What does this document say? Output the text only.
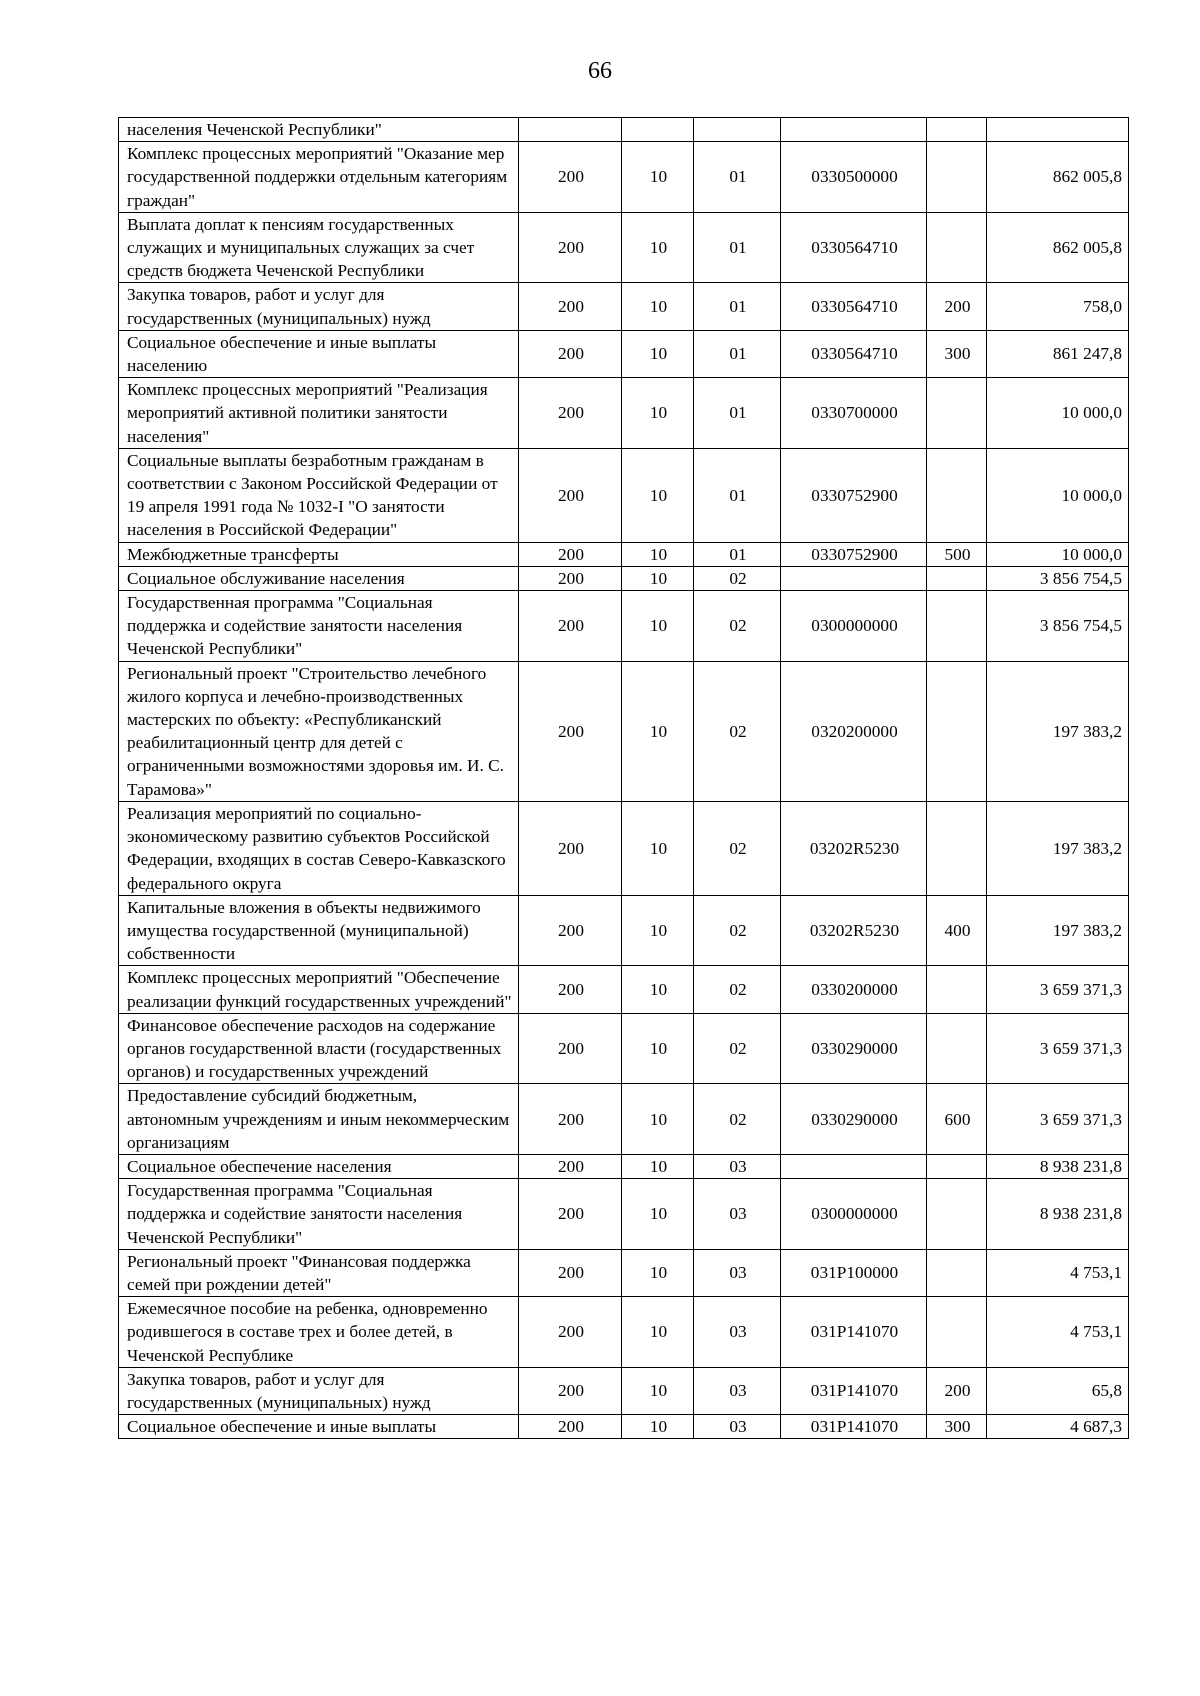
66
населения Чеченской Республики"						
Комплекс процессных мероприятий "Оказание мер государственной поддержки отдельным категориям граждан"	200	10	01	0330500000		862 005,8
Выплата доплат к пенсиям государственных служащих и муниципальных служащих за счет средств бюджета Чеченской Республики	200	10	01	0330564710		862 005,8
Закупка товаров, работ и услуг для государственных (муниципальных) нужд	200	10	01	0330564710	200	758,0
Социальное обеспечение и иные выплаты населению	200	10	01	0330564710	300	861 247,8
Комплекс процессных мероприятий "Реализация мероприятий активной политики занятости населения"	200	10	01	0330700000		10 000,0
Социальные выплаты безработным гражданам в соответствии с Законом Российской Федерации от 19 апреля 1991 года № 1032-I "О занятости населения в Российской Федерации"	200	10	01	0330752900		10 000,0
Межбюджетные трансферты	200	10	01	0330752900	500	10 000,0
Социальное обслуживание населения	200	10	02			3 856 754,5
Государственная программа "Социальная поддержка и содействие занятости населения Чеченской Республики"	200	10	02	0300000000		3 856 754,5
Региональный проект "Строительство лечебного жилого корпуса и лечебно-производственных мастерских по объекту: «Республиканский реабилитационный центр для детей с ограниченными возможностями здоровья им. И. С. Тарамова»"	200	10	02	0320200000		197 383,2
Реализация мероприятий по социально-экономическому развитию субъектов Российской Федерации, входящих в состав Северо-Кавказского федерального округа	200	10	02	03202R5230		197 383,2
Капитальные вложения в объекты недвижимого имущества государственной (муниципальной) собственности	200	10	02	03202R5230	400	197 383,2
Комплекс процессных мероприятий "Обеспечение реализации функций государственных учреждений"	200	10	02	0330200000		3 659 371,3
Финансовое обеспечение расходов на содержание органов государственной власти (государственных органов) и государственных учреждений	200	10	02	0330290000		3 659 371,3
Предоставление субсидий бюджетным, автономным учреждениям и иным некоммерческим организациям	200	10	02	0330290000	600	3 659 371,3
Социальное обеспечение населения	200	10	03			8 938 231,8
Государственная программа "Социальная поддержка и содействие занятости населения Чеченской Республики"	200	10	03	0300000000		8 938 231,8
Региональный проект "Финансовая поддержка семей при рождении детей"	200	10	03	031P100000		4 753,1
Ежемесячное пособие на ребенка, одновременно родившегося в составе трех и более детей, в Чеченской Республике	200	10	03	031P141070		4 753,1
Закупка товаров, работ и услуг для государственных (муниципальных) нужд	200	10	03	031P141070	200	65,8
Социальное обеспечение и иные выплаты	200	10	03	031P141070	300	4 687,3
